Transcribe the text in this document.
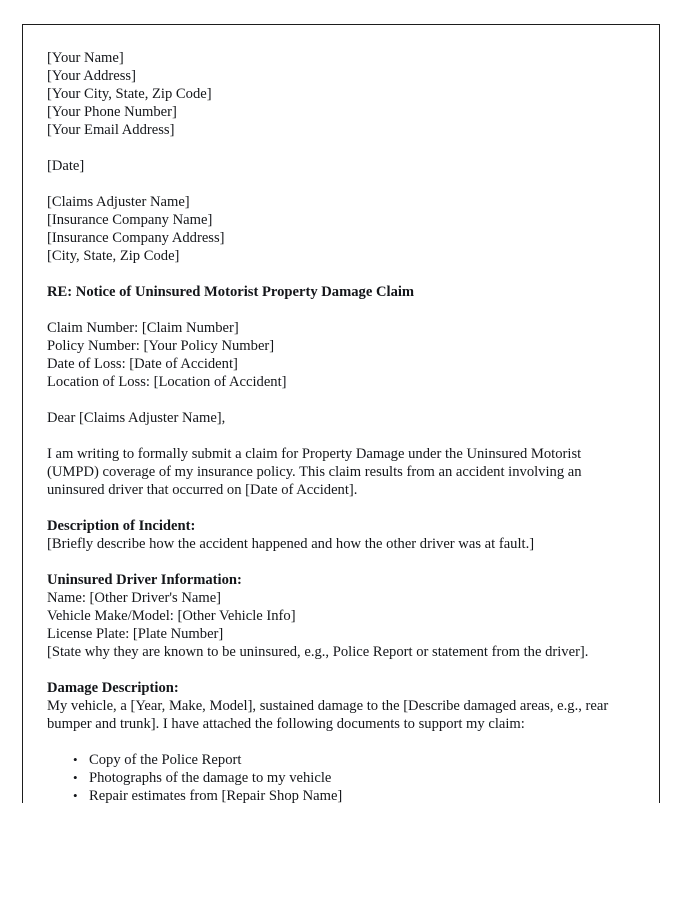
[Your Name]

[Your Address]

[Your City, State, Zip Code]

[Your Phone Number]

[Your Email Address]

[Date]

[Claims Adjuster Name]

[Insurance Company Name]

[Insurance Company Address]

[City, State, Zip Code]

RE: Notice of Uninsured Motorist Property Damage Claim

Claim Number: [Claim Number]

Policy Number: [Your Policy Number]

Date of Loss: [Date of Accident]

Location of Loss: [Location of Accident]

Dear [Claims Adjuster Name],

I am writing to formally submit a claim for Property Damage under the Uninsured Motorist (UMPD) coverage of my insurance policy. This claim results from an accident involving an uninsured driver that occurred on [Date of Accident].

Description of Incident:

[Briefly describe how the accident happened and how the other driver was at fault.]

Uninsured Driver Information:

Name: [Other Driver's Name]

Vehicle Make/Model: [Other Vehicle Info]

License Plate: [Plate Number]

[State why they are known to be uninsured, e.g., Police Report or statement from the driver].

Damage Description:

My vehicle, a [Year, Make, Model], sustained damage to the [Describe damaged areas, e.g., rear bumper and trunk]. I have attached the following documents to support my claim:

• Copy of the Police Report
• Photographs of the damage to my vehicle
• Repair estimates from [Repair Shop Name]
